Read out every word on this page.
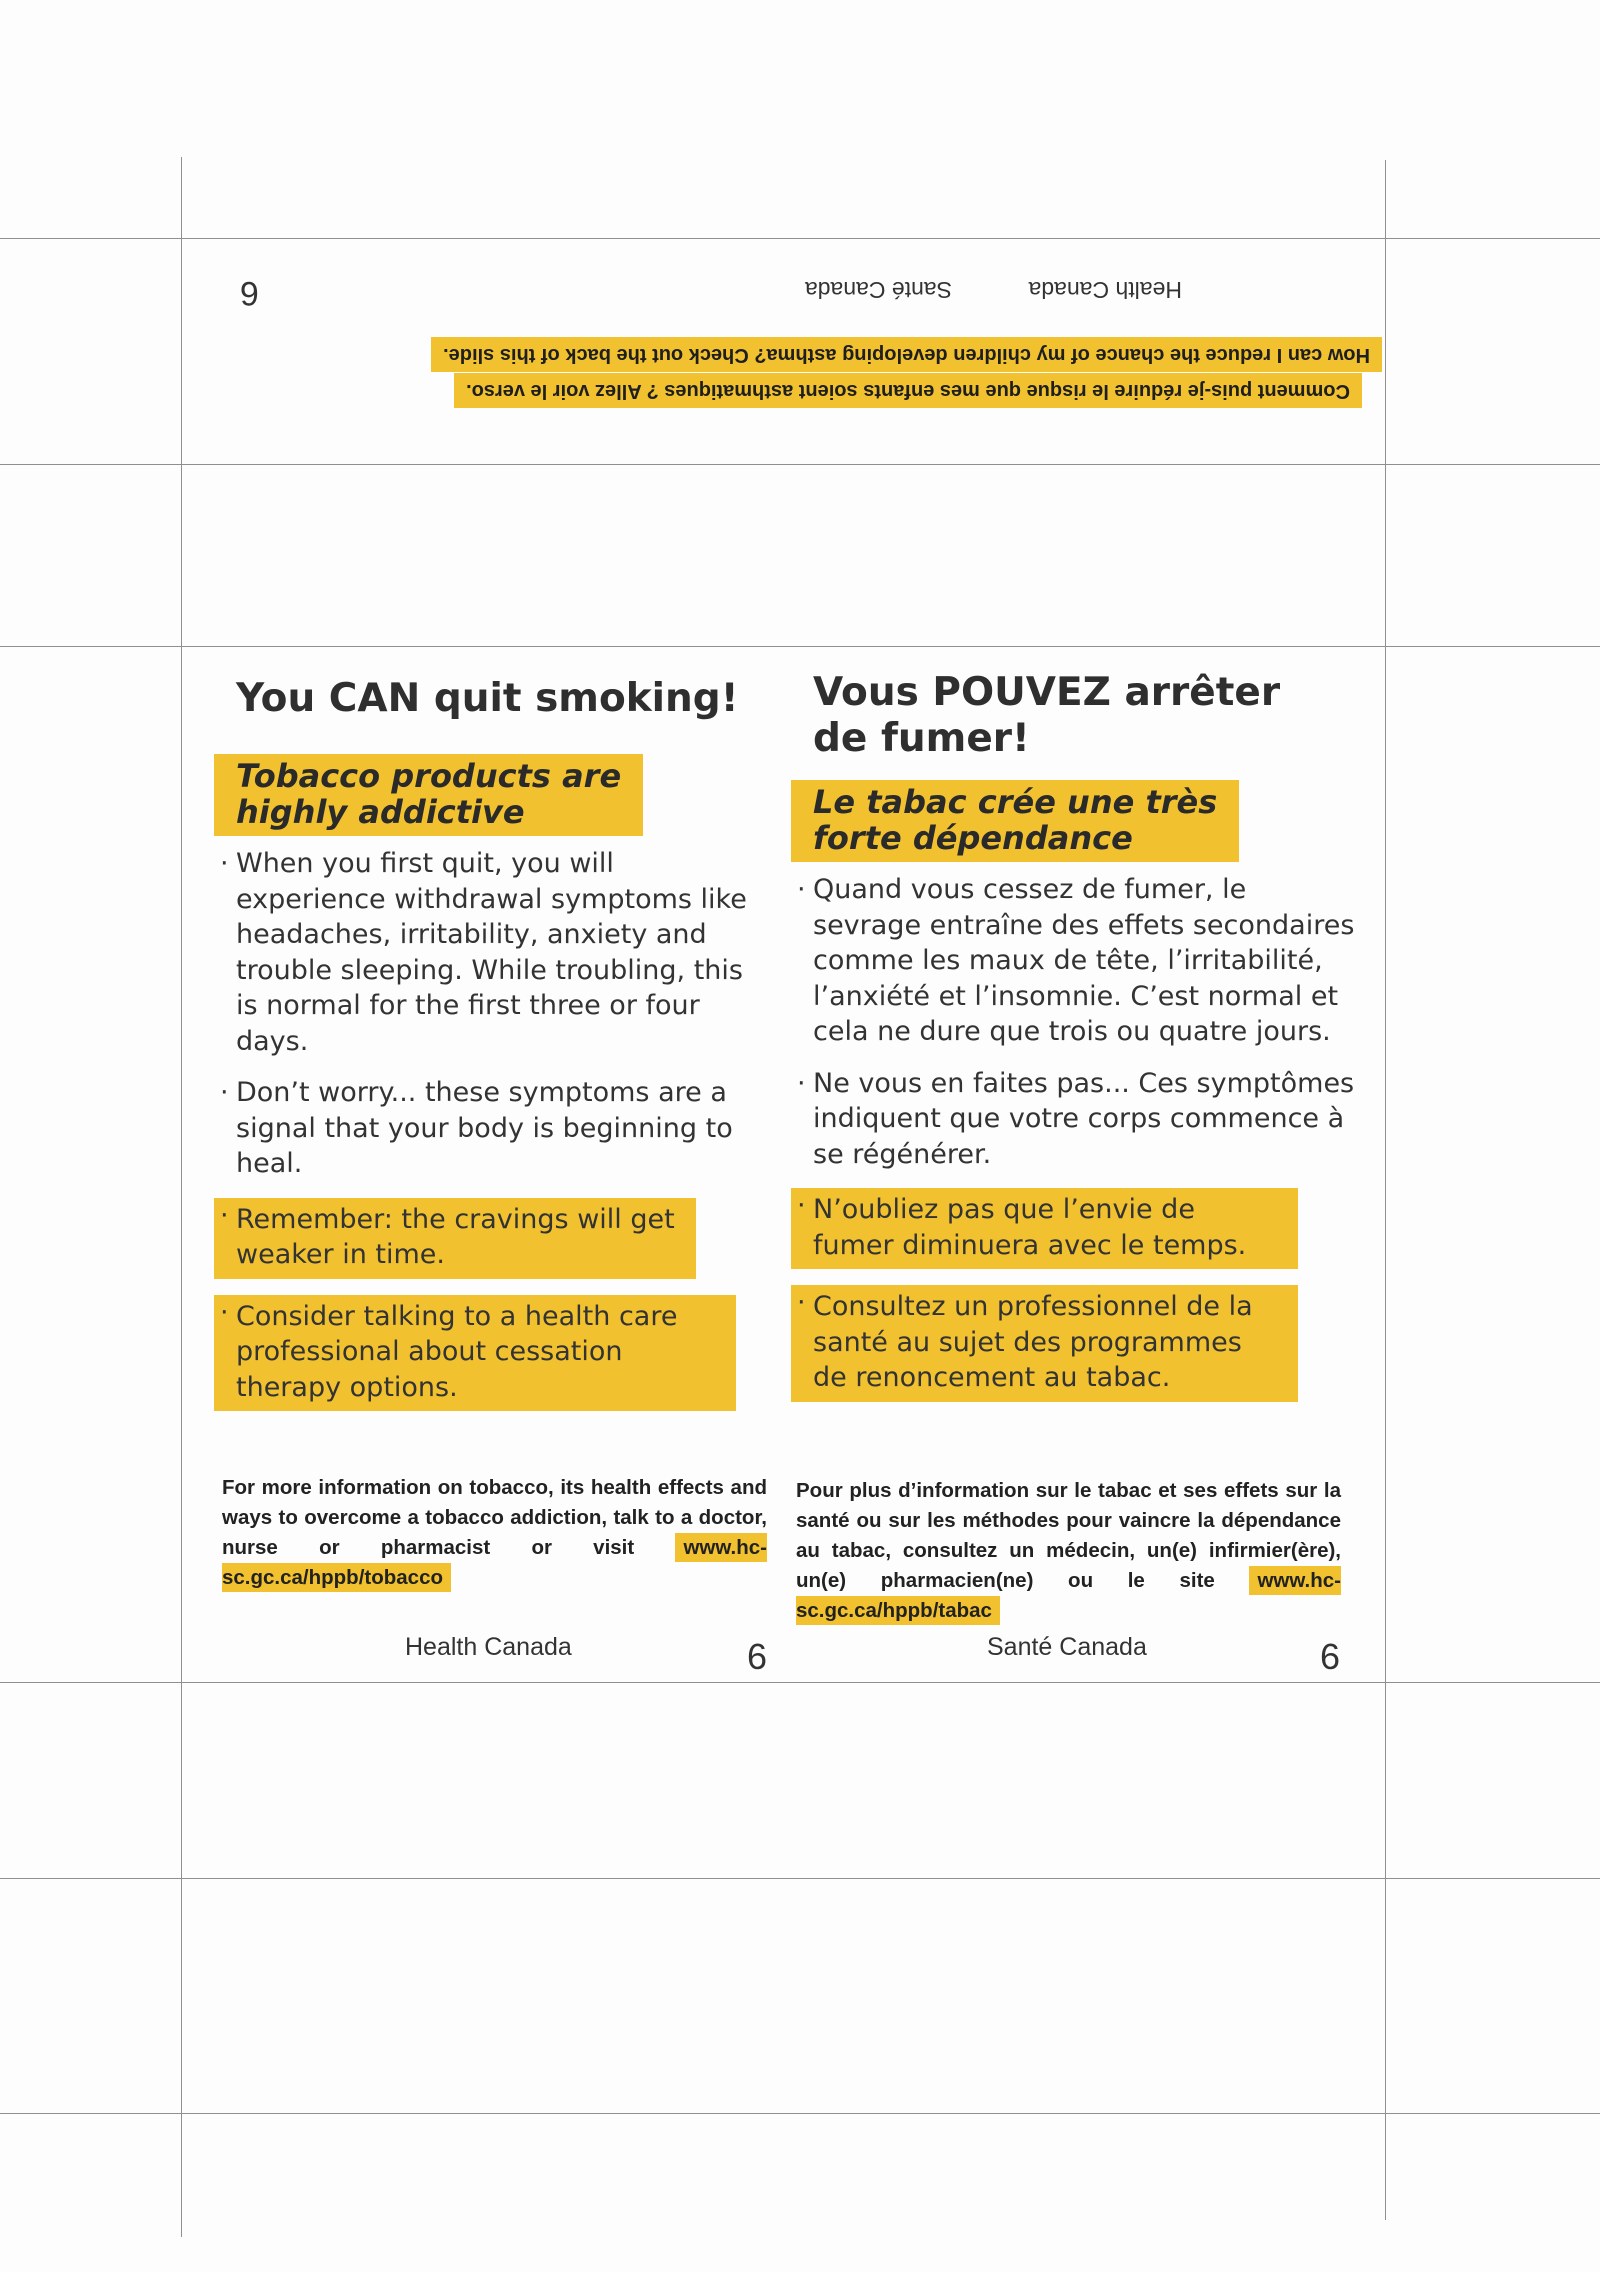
Comment puis-je réduire le risque que mes enfants soient asthmatiques ? Allez voir le verso.
How can I reduce the chance of my children developing asthma? Check out the back of this slide.
Health Canada
Santé Canada
6
You CAN quit smoking!
Tobacco products are
highly addictive
· When you first quit, you will experience withdrawal symptoms like headaches, irritability, anxiety and trouble sleeping. While troubling, this is normal for the first three or four days.
· Don’t worry... these symptoms are a signal that your body is beginning to heal.
· Remember: the cravings will get weaker in time. · Consider talking to a health care professional about cessation therapy options.
Vous POUVEZ arrêter de fumer!
Le tabac crée une très
forte dépendance
· Quand vous cessez de fumer, le sevrage entraîne des effets secondaires comme les maux de tête, l’irritabilité, l’anxiété et l’insomnie. C’est normal et cela ne dure que trois ou quatre jours.
· Ne vous en faites pas... Ces symptômes indiquent que votre corps commence à se régénérer.
· N’oubliez pas que l’envie de fumer diminuera avec le temps. · Consultez un professionnel de la santé au sujet des programmes de renoncement au tabac.
For more information on tobacco, its health effects and ways to overcome a tobacco addiction, talk to a doctor, nurse or pharmacist or visit www.hc-sc.gc.ca/hppb/tobacco
Pour plus d’information sur le tabac et ses effets sur la santé ou sur les méthodes pour vaincre la dépendance au tabac, consultez un médecin, un(e) infirmier(ère), un(e) pharmacien(ne) ou le site www.hc-sc.gc.ca/hppb/tabac
Health Canada	6	Santé Canada	6
